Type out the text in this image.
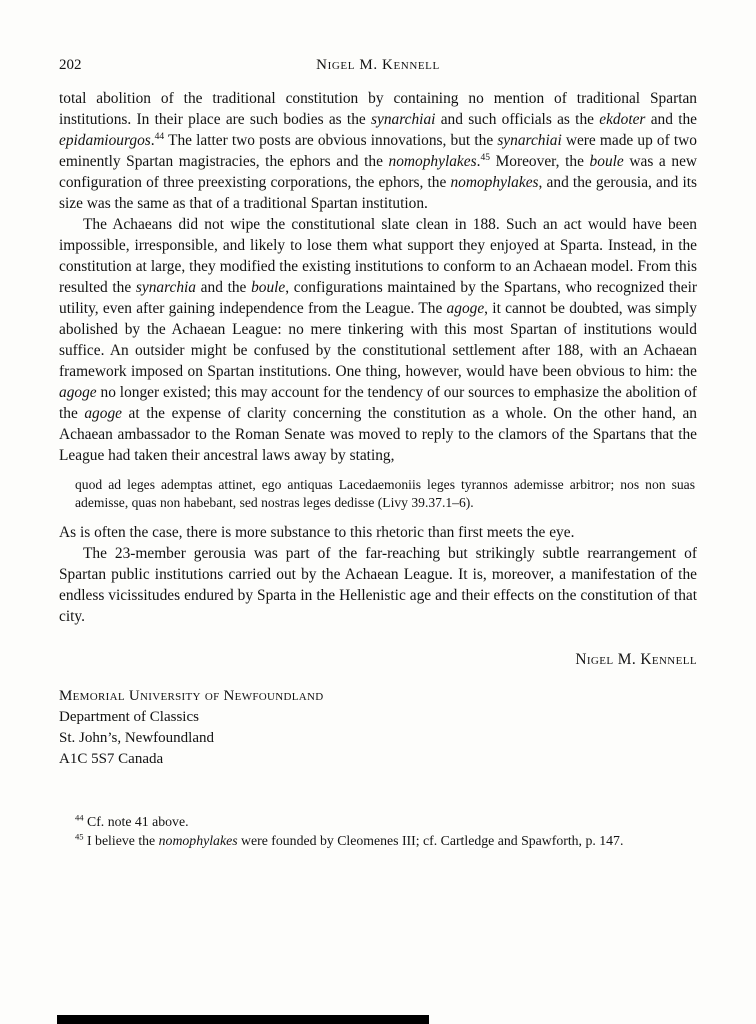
202	Nigel M. Kennell

total abolition of the traditional constitution by containing no mention of traditional Spartan institutions. In their place are such bodies as the synarchiai and such officials as the ekdoter and the epidamiourgos.$^{44}$ The latter two posts are obvious innovations, but the synarchiai were made up of two eminently Spartan magistracies, the ephors and the nomophylakes.$^{45}$ Moreover, the boule was a new configuration of three preexisting corporations, the ephors, the nomophylakes, and the gerousia, and its size was the same as that of a traditional Spartan institution.

The Achaeans did not wipe the constitutional slate clean in 188. Such an act would have been impossible, irresponsible, and likely to lose them what support they enjoyed at Sparta. Instead, in the constitution at large, they modified the existing institutions to conform to an Achaean model. From this resulted the synarchia and the boule, configurations maintained by the Spartans, who recognized their utility, even after gaining independence from the League. The agoge, it cannot be doubted, was simply abolished by the Achaean League: no mere tinkering with this most Spartan of institutions would suffice. An outsider might be confused by the constitutional settlement after 188, with an Achaean framework imposed on Spartan institutions. One thing, however, would have been obvious to him: the agoge no longer existed; this may account for the tendency of our sources to emphasize the abolition of the agoge at the expense of clarity concerning the constitution as a whole. On the other hand, an Achaean ambassador to the Roman Senate was moved to reply to the clamors of the Spartans that the League had taken their ancestral laws away by stating,

quod ad leges ademptas attinet, ego antiquas Lacedaemoniis leges tyrannos ademisse arbitror; nos non suas ademisse, quas non habebant, sed nostras leges dedisse (Livy 39.37.1–6).

As is often the case, there is more substance to this rhetoric than first meets the eye.

The 23-member gerousia was part of the far-reaching but strikingly subtle rearrangement of Spartan public institutions carried out by the Achaean League. It is, moreover, a manifestation of the endless vicissitudes endured by Sparta in the Hellenistic age and their effects on the constitution of that city.

Nigel M. Kennell
Memorial University of Newfoundland
Department of Classics
St. John’s, Newfoundland
A1C 5S7 Canada

$^{44}$ Cf. note 41 above.

$^{45}$ I believe the nomophylakes were founded by Cleomenes III; cf. Cartledge and Spawforth, p. 147.
